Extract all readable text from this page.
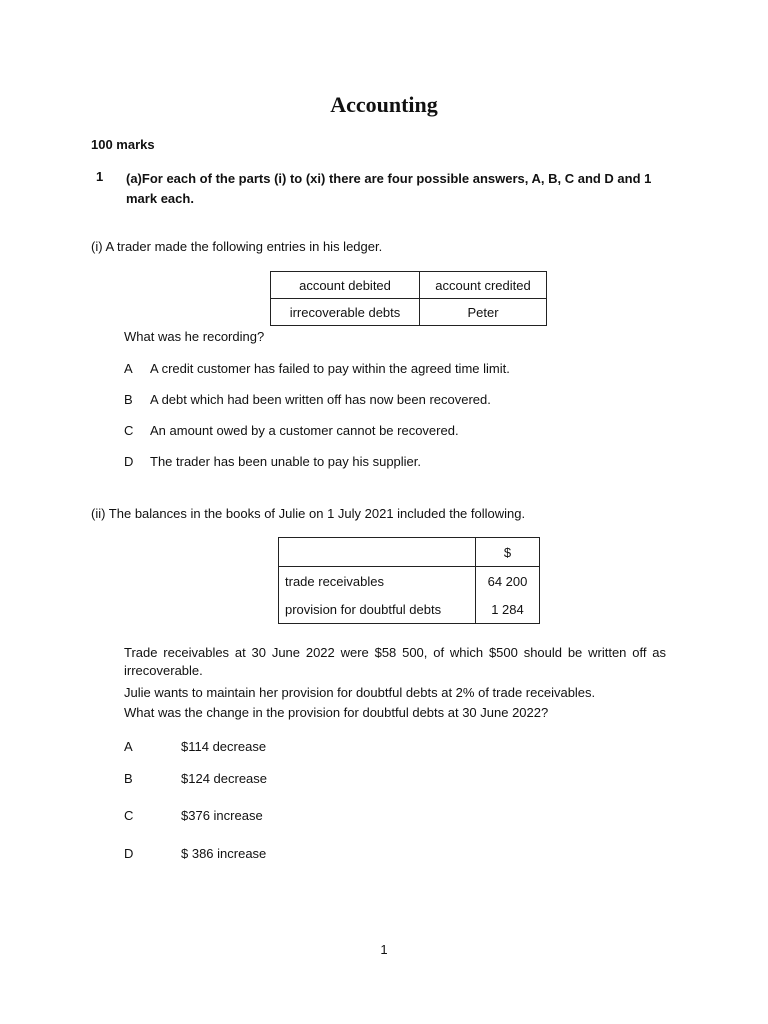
Accounting
100 marks
1 (a)For each of the parts (i) to (xi) there are four possible answers, A, B, C and D and 1 mark each.
(i) A trader made the following entries in his ledger.
account debited	account credited
irrecoverable debts	Peter
What was he recording?
A A credit customer has failed to pay within the agreed time limit.
B A debt which had been written off has now been recovered.
C An amount owed by a customer cannot be recovered.
D The trader has been unable to pay his supplier.
(ii) The balances in the books of Julie on 1 July 2021 included the following.
	$
trade receivables	64 200
provision for doubtful debts	1 284
Trade receivables at 30 June 2022 were $58 500, of which $500 should be written off as irrecoverable.
Julie wants to maintain her provision for doubtful debts at 2% of trade receivables.
What was the change in the provision for doubtful debts at 30 June 2022?
A	$114 decrease
B	$124 decrease
C	$376 increase
D	$ 386 increase
1
